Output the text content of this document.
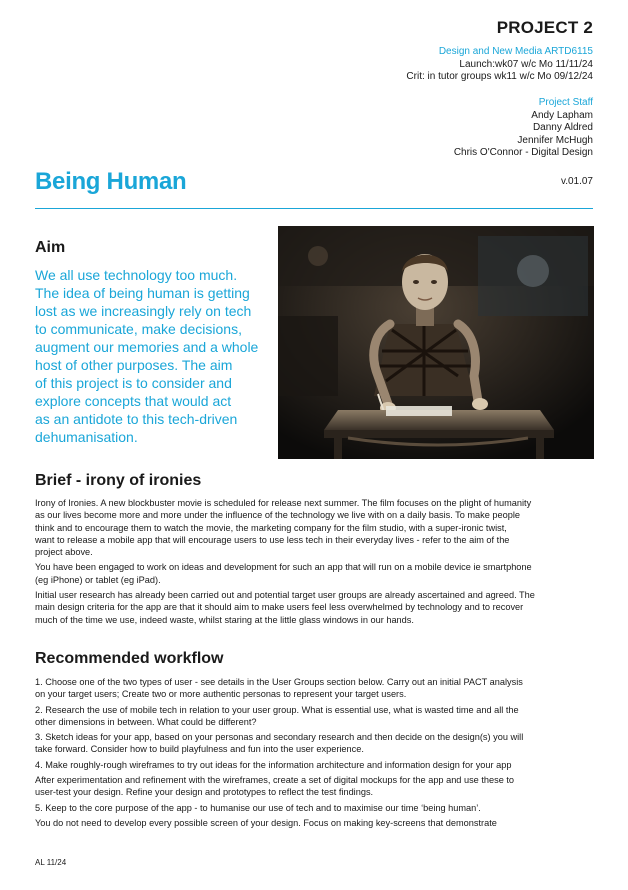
PROJECT 2
Design and New Media ARTD6115
Launch:wk07 w/c Mo 11/11/24
Crit: in tutor groups wk11 w/c Mo 09/12/24
Project Staff
Andy Lapham
Danny Aldred
Jennifer McHugh
Chris O'Connor - Digital Design
Being Human	v.01.07
Aim
We all use technology too much.
The idea of being human is getting
lost as we increasingly rely on tech
to communicate, make decisions,
augment our memories and a whole
host of other purposes. The aim
of this project is to consider and
explore concepts that would act
as an antidote to this tech-driven
dehumanisation.
Brief - irony of ironies

Irony of Ironies. A new blockbuster movie is scheduled for release next summer. The film focuses on the plight of humanity
as our lives become more and more under the influence of the technology we live with on a daily basis. To make people
think and to encourage them to watch the movie, the marketing company for the film studio, with a super-ironic twist,
want to release a mobile app that will encourage users to use less tech in their everyday lives - refer to the aim of the
project above.

You have been engaged to work on ideas and development for such an app that will run on a mobile device ie smartphone
(eg iPhone) or tablet (eg iPad).

Initial user research has already been carried out and potential target user groups are already ascertained and agreed. The
main design criteria for the app are that it should aim to make users feel less overwhelmed by technology and to recover
much of the time we use, indeed waste, whilst staring at the little glass windows in our hands.

Recommended workflow

1. Choose one of the two types of user - see details in the User Groups section below. Carry out an initial PACT analysis
on your target users; Create two or more authentic personas to represent your target users.

2. Research the use of mobile tech in relation to your user group. What is essential use, what is wasted time and all the
other dimensions in between. What could be different?

3. Sketch ideas for your app, based on your personas and secondary research and then decide on the design(s) you will
take forward. Consider how to build playfulness and fun into the user experience.

4. Make roughly-rough wireframes to try out ideas for the information architecture and information design for your app

After experimentation and refinement with the wireframes, create a set of digital mockups for the app and use these to
user-test your design. Refine your design and prototypes to reflect the test findings.

5. Keep to the core purpose of the app - to humanise our use of tech and to maximise our time ‘being human’.

You do not need to develop every possible screen of your design. Focus on making key-screens that demonstrate

AL 11/24
